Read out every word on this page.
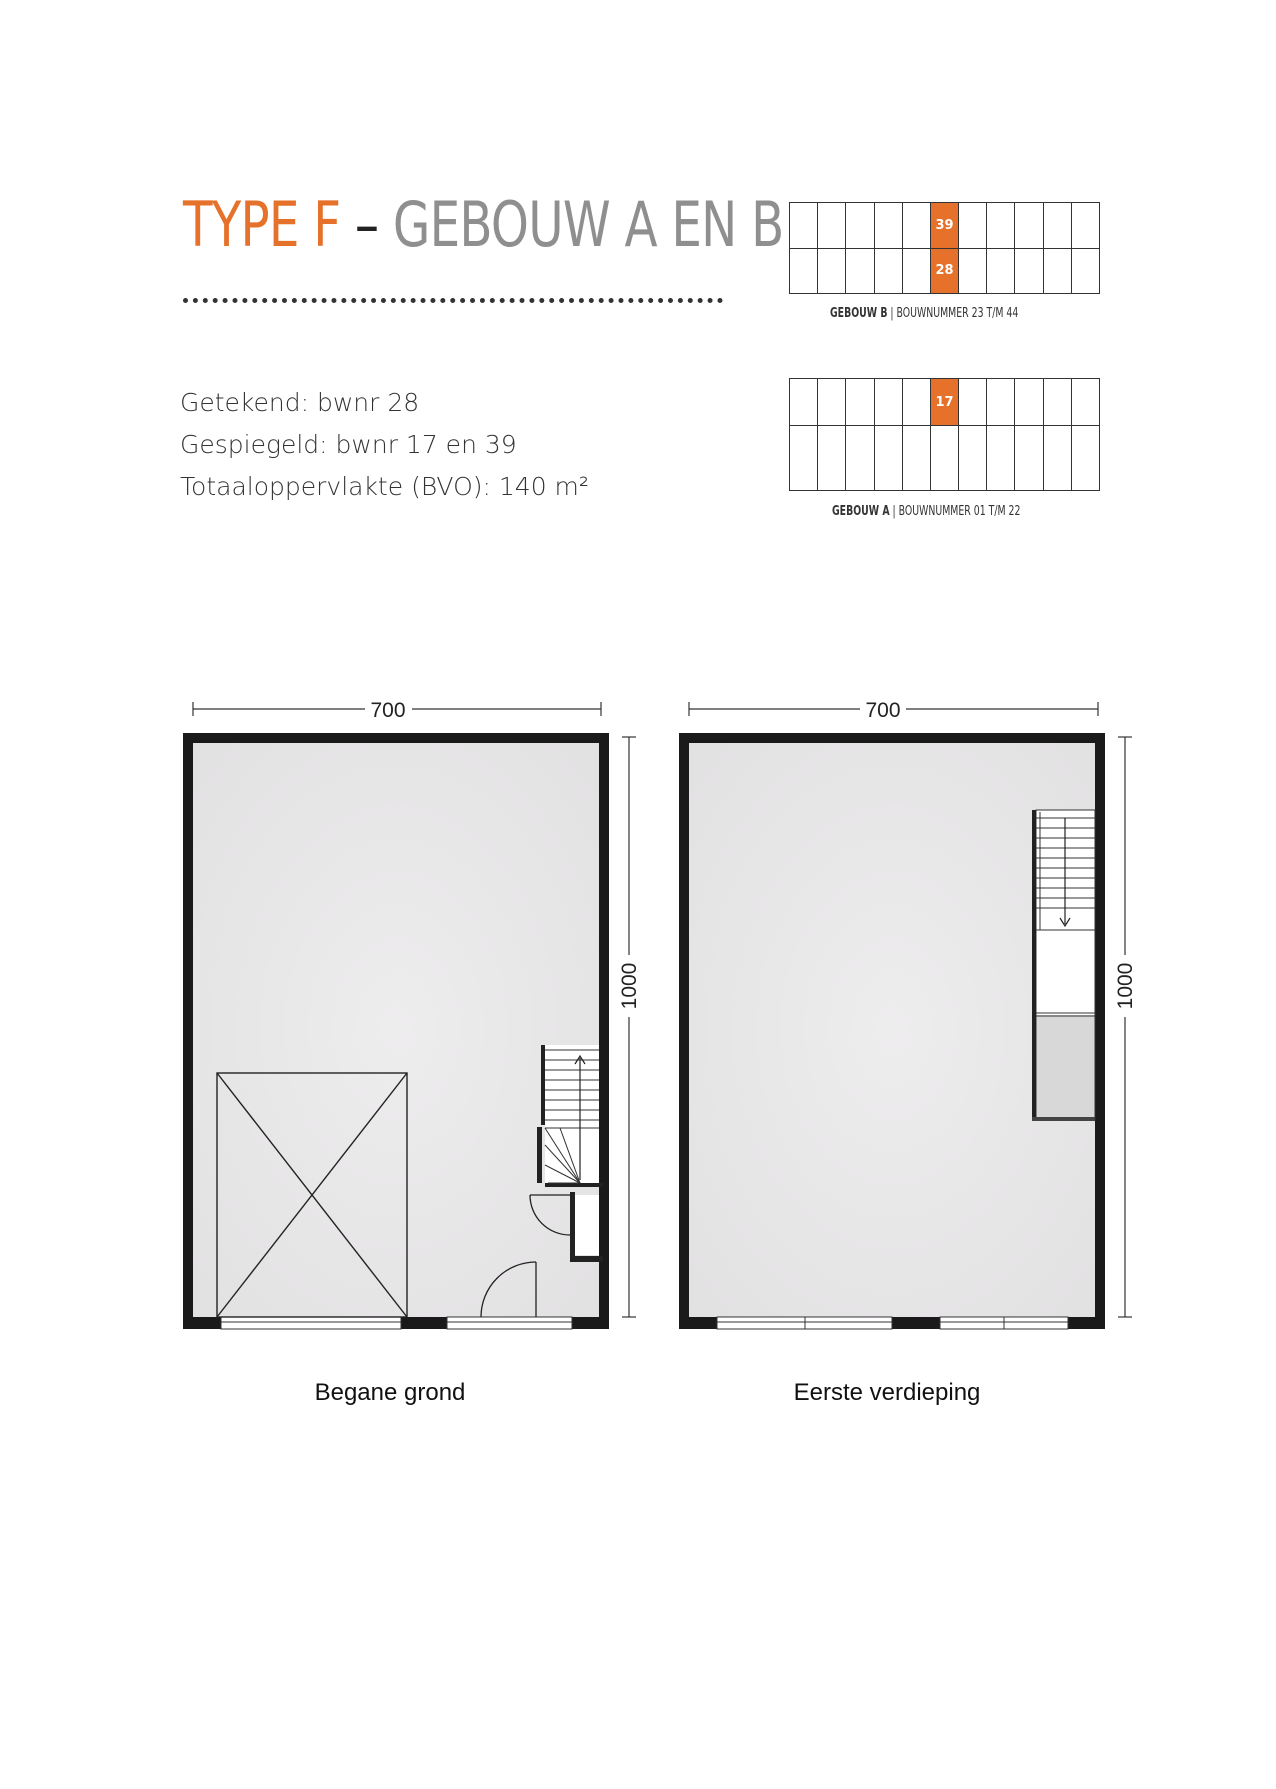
TYPE F – GEBOUW A EN B
Getekend: bwnr 28
Gespiegeld: bwnr 17 en 39
Totaaloppervlakte (BVO): 140 m²
39
28
GEBOUW B | BOUWNUMMER 23 T/M 44
17
GEBOUW A | BOUWNUMMER 01 T/M 22
700
1000
700
1000
Begane grond	Eerste verdieping
